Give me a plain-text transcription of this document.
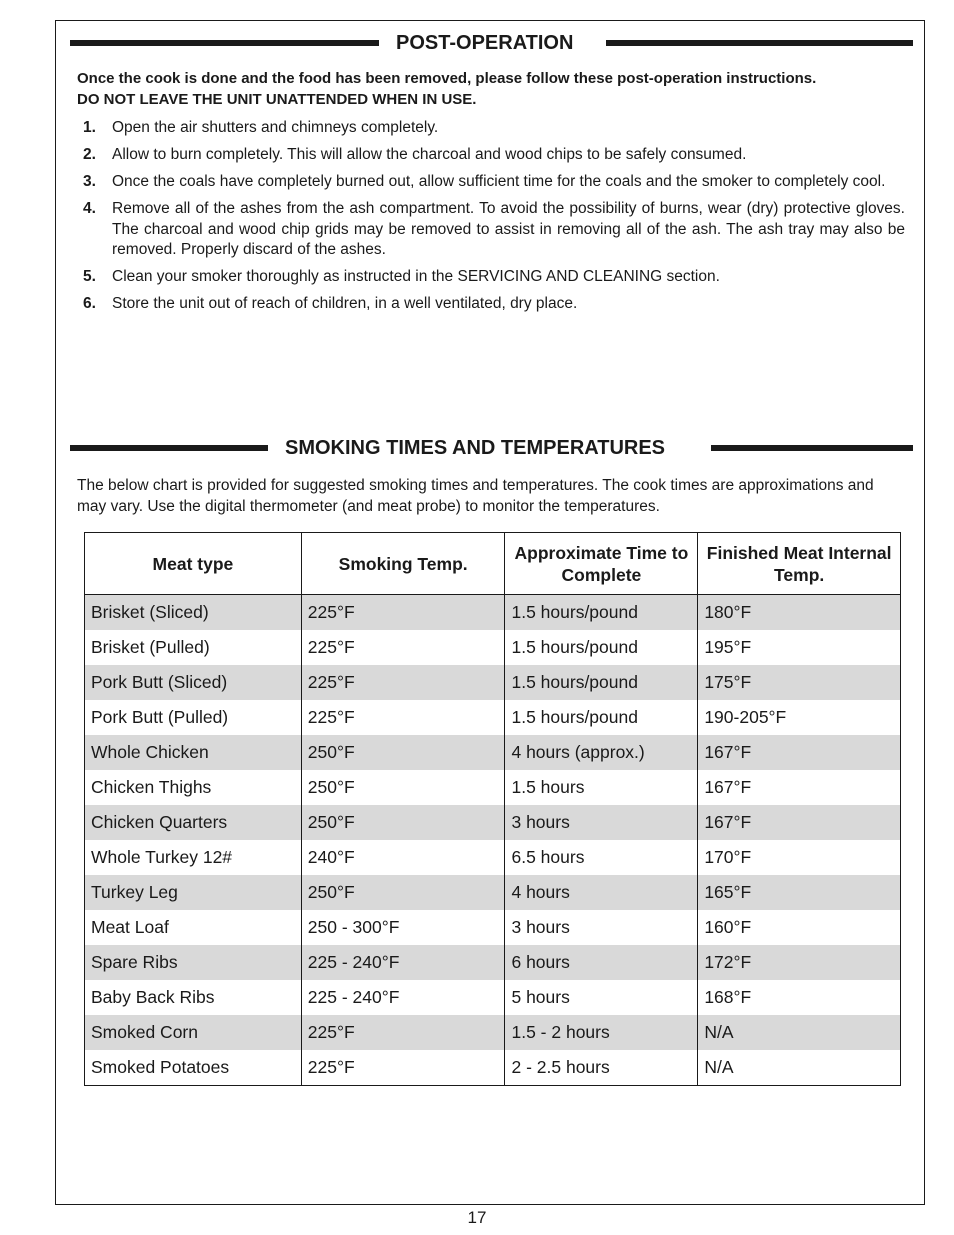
POST-OPERATION

Once the cook is done and the food has been removed, please follow these post-operation instructions.

DO NOT LEAVE THE UNIT UNATTENDED WHEN IN USE.

1. Open the air shutters and chimneys completely.
2. Allow to burn completely. This will allow the charcoal and wood chips to be safely consumed.
3. Once the coals have completely burned out, allow sufficient time for the coals and the smoker to completely cool.
4. Remove all of the ashes from the ash compartment. To avoid the possibility of burns, wear (dry) protective gloves. The charcoal and wood chip grids may be removed to assist in removing all of the ash. The ash tray may also be removed. Properly discard of the ashes.
5. Clean your smoker thoroughly as instructed in the SERVICING AND CLEANING section.
6. Store the unit out of reach of children, in a well ventilated, dry place.
SMOKING TIMES AND TEMPERATURES
The below chart is provided for suggested smoking times and temperatures. The cook times are approximations and may vary. Use the digital thermometer (and meat probe) to monitor the temperatures.
Meat type	Smoking Temp.	Approximate Time to Complete	Finished Meat Internal Temp.
Brisket (Sliced)	225°F	1.5 hours/pound	180°F
Brisket (Pulled)	225°F	1.5 hours/pound	195°F
Pork Butt (Sliced)	225°F	1.5 hours/pound	175°F
Pork Butt (Pulled)	225°F	1.5 hours/pound	190-205°F
Whole Chicken	250°F	4 hours (approx.)	167°F
Chicken Thighs	250°F	1.5 hours	167°F
Chicken Quarters	250°F	3 hours	167°F
Whole Turkey 12#	240°F	6.5 hours	170°F
Turkey Leg	250°F	4 hours	165°F
Meat Loaf	250 - 300°F	3 hours	160°F
Spare Ribs	225 - 240°F	6 hours	172°F
Baby Back Ribs	225 - 240°F	5 hours	168°F
Smoked Corn	225°F	1.5 - 2 hours	N/A
Smoked Potatoes	225°F	2 - 2.5 hours	N/A
17
